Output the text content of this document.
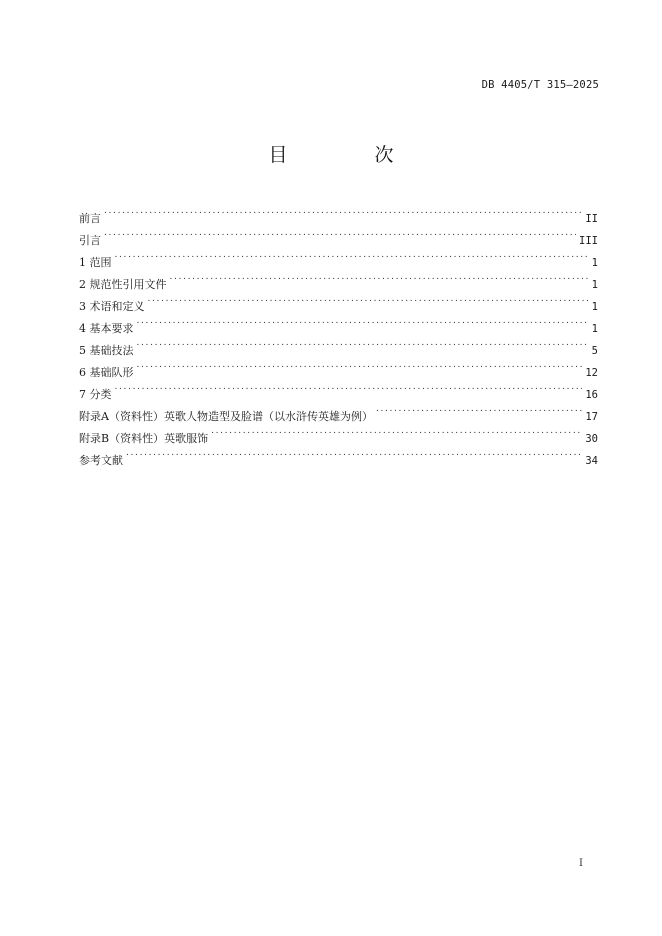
DB 4405/T 315—2025
目　次
前言 . . .	II
引言 . . .	III
1 范围 . . .	1
2 规范性引用文件 . . .	1
3 术语和定义 . . .	1
4 基本要求 . . .	1
5 基础技法 . . .	5
6 基础队形 . . .	12
7 分类 . . .	16
附录A（资料性）英歌人物造型及脸谱（以水浒传英雄为例） . . .	17
附录B（资料性）英歌服饰 . . .	30
参考文献 . . .	34
I
